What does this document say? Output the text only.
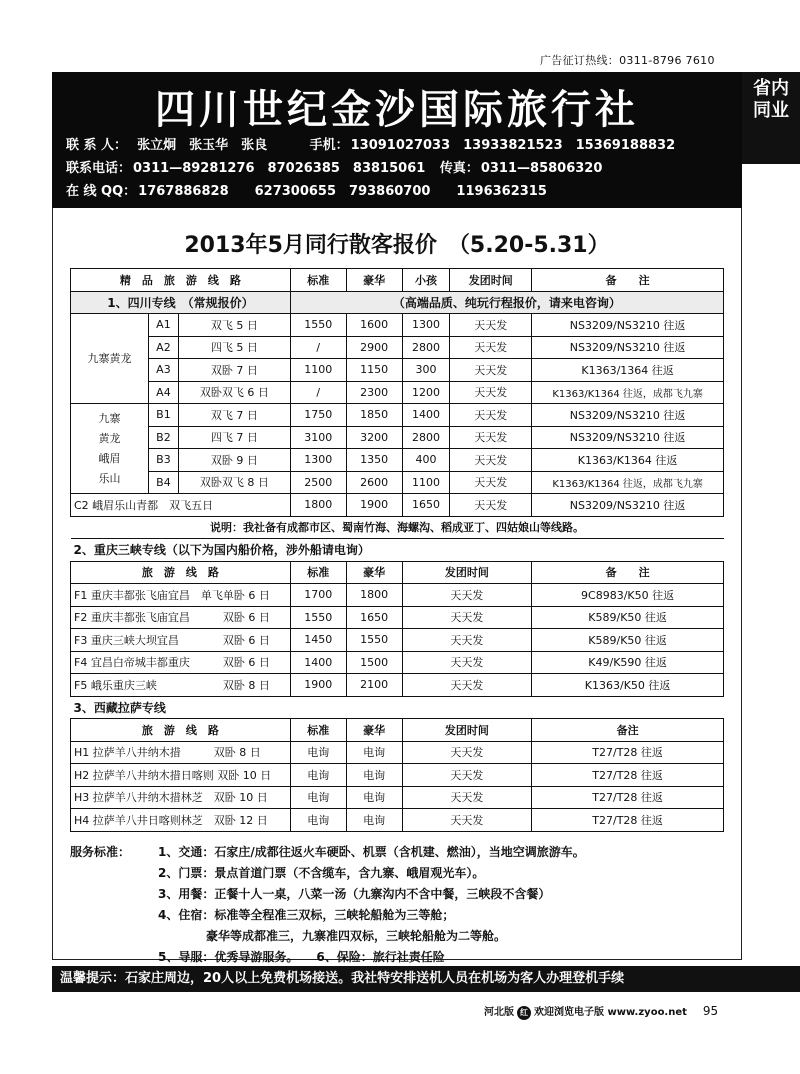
广告征订热线：0311-8796 7610
省内
同业
四川世纪金沙国际旅行社
联 系 人： 张立炯　张玉华　张良	手机： 13091027033　13933821523　15369188832
联系电话： 0311—89281276　87026385　83815061 传真： 0311—85806320
在 线 QQ： 1767886828　　627300655　793860700　　1196362315
2013年5月同行散客报价　（5.20-5.31）
精　品　旅　游　线　路			标准	豪华	小孩	发团时间	备　　注
1、四川专线　（常规报价）			（高端品质、纯玩行程报价，请来电咨询）				
九寨黄龙	A1	双飞 5 日	1550	1600	1300	天天发	NS3209/NS3210 往返
	A2	四飞 5 日	/	2900	2800	天天发	NS3209/NS3210 往返
	A3	双卧 7 日	1100	1150	300	天天发	K1363/1364 往返
	A4	双卧双飞 6 日	/	2300	1200	天天发	K1363/K1364 往返，成都飞九寨
九寨黄龙峨眉乐山	B1	双飞 7 日	1750	1850	1400	天天发	NS3209/NS3210 往返
	B2	四飞 7 日	3100	3200	2800	天天发	NS3209/NS3210 往返
	B3	双卧 9 日	1300	1350	400	天天发	K1363/K1364 往返
	B4	双卧双飞 8 日	2500	2600	1100	天天发	K1363/K1364 往返，成都飞九寨
C2 峨眉乐山青都　双飞五日			1800	1900	1650	天天发	NS3209/NS3210 往返
说明：我社备有成都市区、蜀南竹海、海螺沟、稻成亚丁、四姑娘山等线路。							
2、重庆三峡专线（以下为国内船价格，涉外船请电询）							
旅　游　线　路			标准	豪华	发团时间		备　　注
F1 重庆丰都张飞庙宜昌　单飞单卧 6 日			1700	1800	天天发		9C8983/K50 往返
F2 重庆丰都张飞庙宜昌　　　双卧 6 日			1550	1650	天天发		K589/K50 往返
F3 重庆三峡大坝宜昌　　　　双卧 6 日			1450	1550	天天发		K589/K50 往返
F4 宜昌白帝城丰都重庆　　　双卧 6 日			1400	1500	天天发		K49/K590 往返
F5 峨乐重庆三峡　　　　　　双卧 8 日			1900	2100	天天发		K1363/K50 往返
3、西藏拉萨专线							
旅　游　线　路			标准	豪华	发团时间		备注
H1 拉萨羊八井纳木措　　　双卧 8 日			电询	电询	天天发		T27/T28 往返
H2 拉萨羊八井纳木措日喀则 双卧 10 日			电询	电询	天天发		T27/T28 往返
H3 拉萨羊八井纳木措林芝　双卧 10 日			电询	电询	天天发		T27/T28 往返
H4 拉萨羊八井日喀则林芝　双卧 12 日			电询	电询	天天发		T27/T28 往返
服务标准： 1、交通：石家庄/成都往返火车硬卧、机票（含机建、燃油），当地空调旅游车。
2、门票：景点首道门票（不含缆车，含九寨、峨眉观光车）。
3、用餐：正餐十人一桌，八菜一汤（九寨沟内不含中餐，三峡段不含餐）
4、住宿：标准等全程准三双标，三峡轮船舱为三等舱；
　　　　豪华等成都准三，九寨准四双标，三峡轮船舱为二等舱。
5、导服：优秀导游服务。　　6、保险：旅行社责任险
温馨提示：石家庄周边，20人以上免费机场接送。我社特安排送机人员在机场为客人办理登机手续
河北版 红 欢迎浏览电子版 www.zyoo.net 95
